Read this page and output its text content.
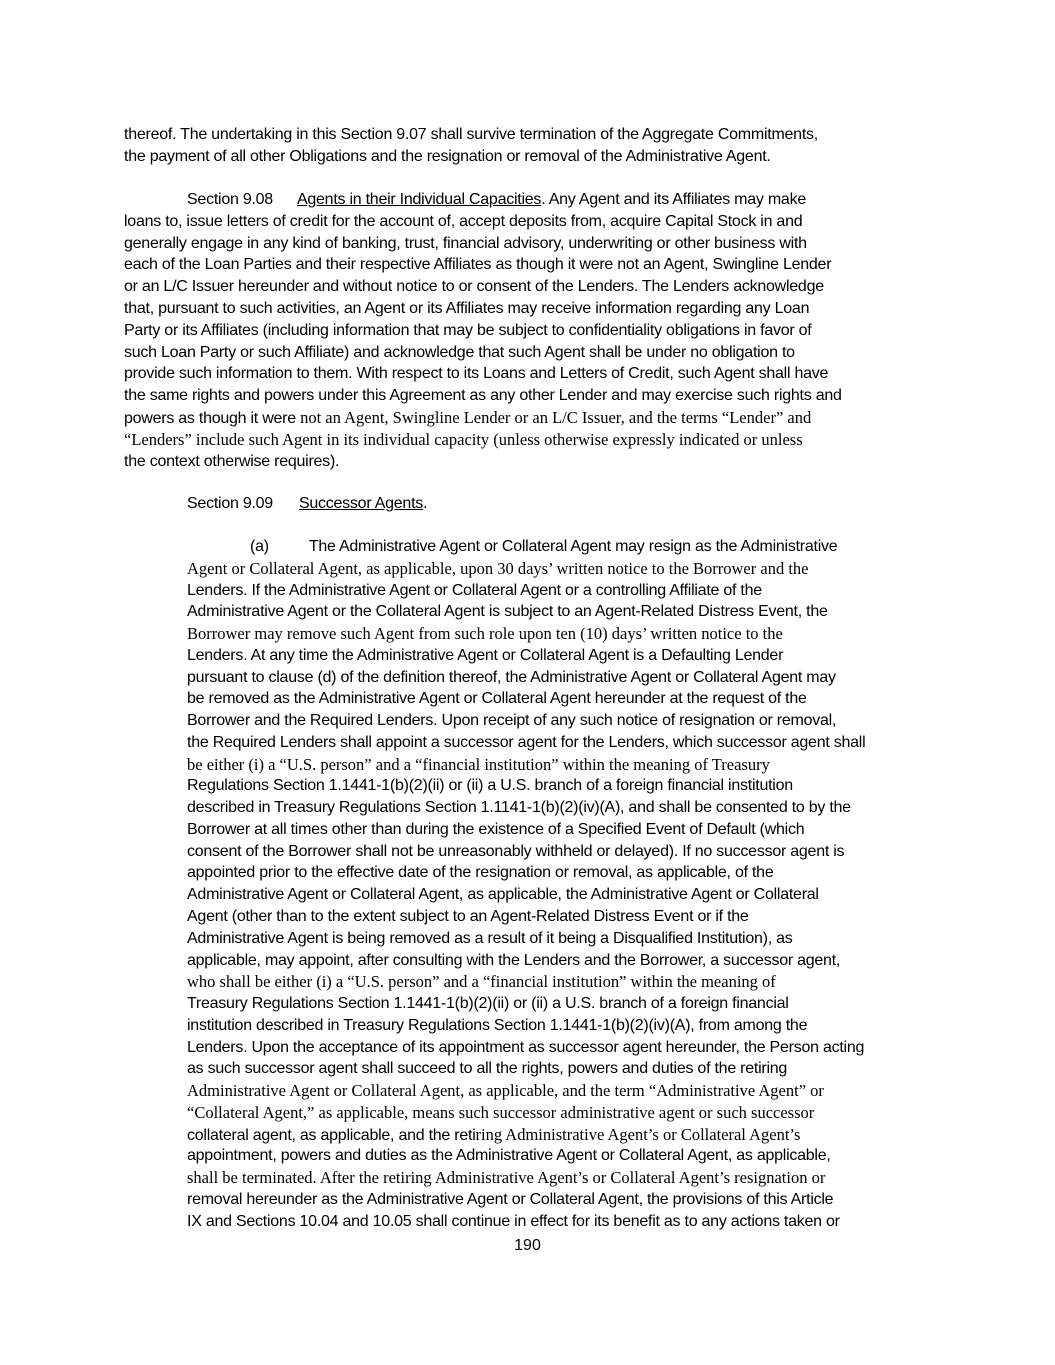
thereof. The undertaking in this Section 9.07 shall survive termination of the Aggregate Commitments,
the payment of all other Obligations and the resignation or removal of the Administrative Agent.
Section 9.08 Agents in their Individual Capacities. Any Agent and its Affiliates may make
loans to, issue letters of credit for the account of, accept deposits from, acquire Capital Stock in and
generally engage in any kind of banking, trust, financial advisory, underwriting or other business with
each of the Loan Parties and their respective Affiliates as though it were not an Agent, Swingline Lender
or an L/C Issuer hereunder and without notice to or consent of the Lenders. The Lenders acknowledge
that, pursuant to such activities, an Agent or its Affiliates may receive information regarding any Loan
Party or its Affiliates (including information that may be subject to confidentiality obligations in favor of
such Loan Party or such Affiliate) and acknowledge that such Agent shall be under no obligation to
provide such information to them. With respect to its Loans and Letters of Credit, such Agent shall have
the same rights and powers under this Agreement as any other Lender and may exercise such rights and
powers as though it were not an Agent, Swingline Lender or an L/C Issuer, and the terms “Lender” and
“Lenders” include such Agent in its individual capacity (unless otherwise expressly indicated or unless
the context otherwise requires).
Section 9.09 Successor Agents.
(a)	The Administrative Agent or Collateral Agent may resign as the Administrative
Agent or Collateral Agent, as applicable, upon 30 days’ written notice to the Borrower and the
Lenders. If the Administrative Agent or Collateral Agent or a controlling Affiliate of the
Administrative Agent or the Collateral Agent is subject to an Agent-Related Distress Event, the
Borrower may remove such Agent from such role upon ten (10) days’ written notice to the
Lenders. At any time the Administrative Agent or Collateral Agent is a Defaulting Lender
pursuant to clause (d) of the definition thereof, the Administrative Agent or Collateral Agent may
be removed as the Administrative Agent or Collateral Agent hereunder at the request of the
Borrower and the Required Lenders. Upon receipt of any such notice of resignation or removal,
the Required Lenders shall appoint a successor agent for the Lenders, which successor agent shall
be either (i) a “U.S. person” and a “financial institution” within the meaning of Treasury
Regulations Section 1.1441-1(b)(2)(ii) or (ii) a U.S. branch of a foreign financial institution
described in Treasury Regulations Section 1.1141-1(b)(2)(iv)(A), and shall be consented to by the
Borrower at all times other than during the existence of a Specified Event of Default (which
consent of the Borrower shall not be unreasonably withheld or delayed). If no successor agent is
appointed prior to the effective date of the resignation or removal, as applicable, of the
Administrative Agent or Collateral Agent, as applicable, the Administrative Agent or Collateral
Agent (other than to the extent subject to an Agent-Related Distress Event or if the
Administrative Agent is being removed as a result of it being a Disqualified Institution), as
applicable, may appoint, after consulting with the Lenders and the Borrower, a successor agent,
who shall be either (i) a “U.S. person” and a “financial institution” within the meaning of
Treasury Regulations Section 1.1441-1(b)(2)(ii) or (ii) a U.S. branch of a foreign financial
institution described in Treasury Regulations Section 1.1441-1(b)(2)(iv)(A), from among the
Lenders. Upon the acceptance of its appointment as successor agent hereunder, the Person acting
as such successor agent shall succeed to all the rights, powers and duties of the retiring
Administrative Agent or Collateral Agent, as applicable, and the term “Administrative Agent” or
“Collateral Agent,” as applicable, means such successor administrative agent or such successor
collateral agent, as applicable, and the retiring Administrative Agent’s or Collateral Agent’s
appointment, powers and duties as the Administrative Agent or Collateral Agent, as applicable,
shall be terminated. After the retiring Administrative Agent’s or Collateral Agent’s resignation or
removal hereunder as the Administrative Agent or Collateral Agent, the provisions of this Article
IX and Sections 10.04 and 10.05 shall continue in effect for its benefit as to any actions taken or
190
